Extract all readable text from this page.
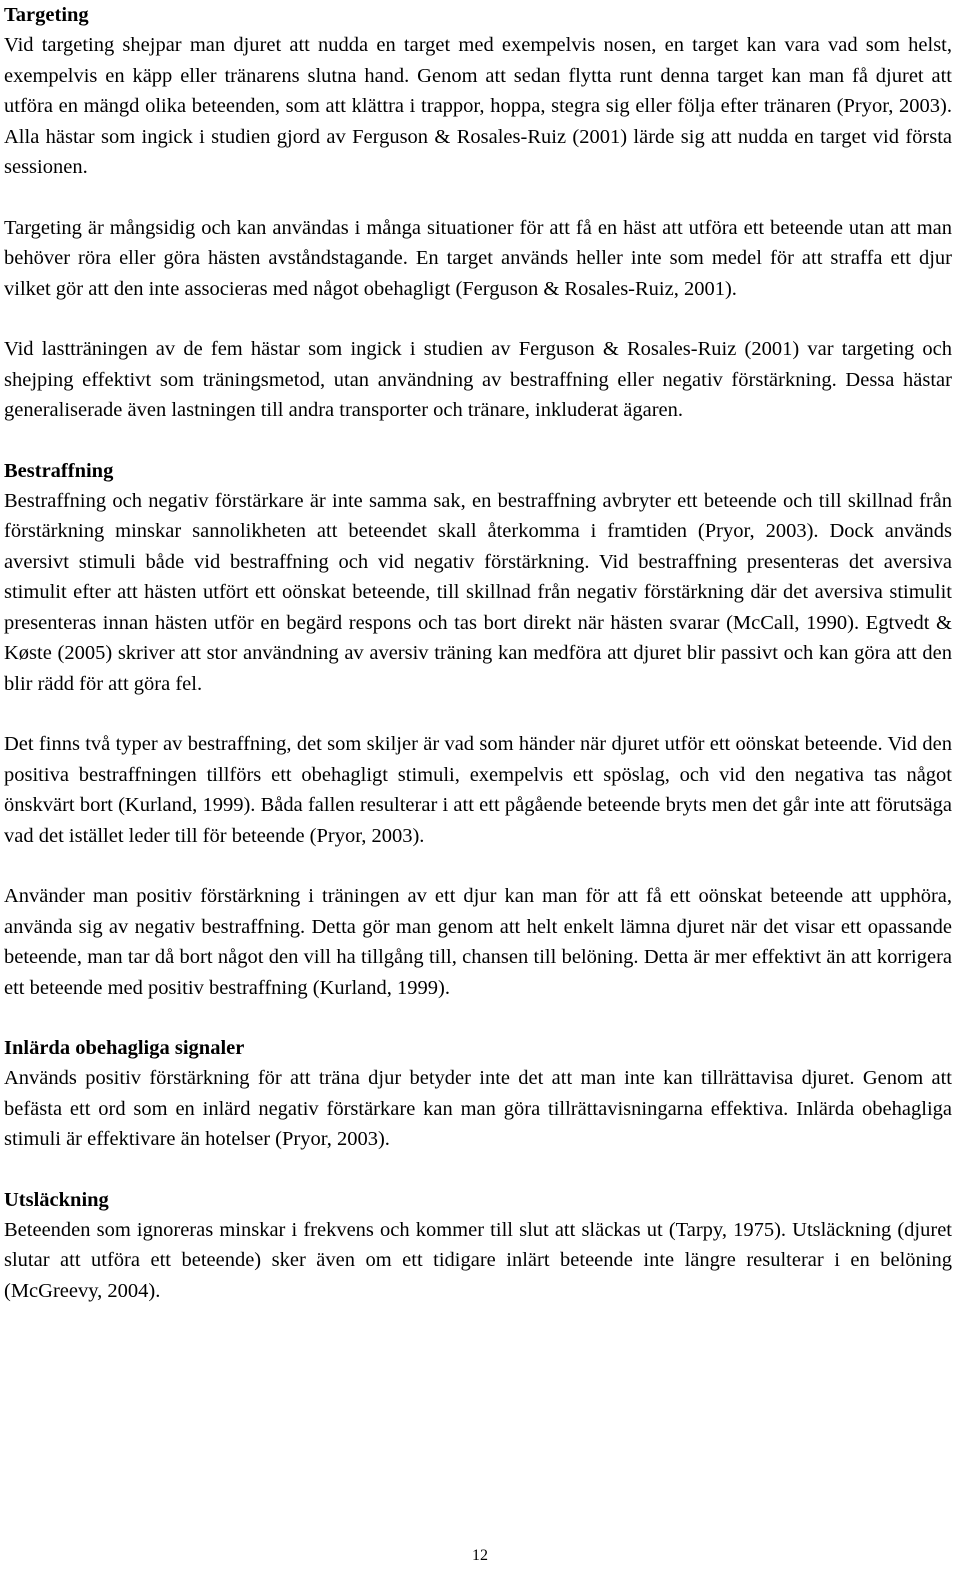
Targeting

Vid targeting shejpar man djuret att nudda en target med exempelvis nosen, en target kan vara vad som helst, exempelvis en käpp eller tränarens slutna hand. Genom att sedan flytta runt denna target kan man få djuret att utföra en mängd olika beteenden, som att klättra i trappor, hoppa, stegra sig eller följa efter tränaren (Pryor, 2003). Alla hästar som ingick i studien gjord av Ferguson & Rosales-Ruiz (2001) lärde sig att nudda en target vid första sessionen.

Targeting är mångsidig och kan användas i många situationer för att få en häst att utföra ett beteende utan att man behöver röra eller göra hästen avståndstagande. En target används heller inte som medel för att straffa ett djur vilket gör att den inte associeras med något obehagligt (Ferguson & Rosales-Ruiz, 2001).

Vid lastträningen av de fem hästar som ingick i studien av Ferguson & Rosales-Ruiz (2001) var targeting och shejping effektivt som träningsmetod, utan användning av bestraffning eller negativ förstärkning. Dessa hästar generaliserade även lastningen till andra transporter och tränare, inkluderat ägaren.

Bestraffning

Bestraffning och negativ förstärkare är inte samma sak, en bestraffning avbryter ett beteende och till skillnad från förstärkning minskar sannolikheten att beteendet skall återkomma i framtiden (Pryor, 2003). Dock används aversivt stimuli både vid bestraffning och vid negativ förstärkning. Vid bestraffning presenteras det aversiva stimulit efter att hästen utfört ett oönskat beteende, till skillnad från negativ förstärkning där det aversiva stimulit presenteras innan hästen utför en begärd respons och tas bort direkt när hästen svarar (McCall, 1990). Egtvedt & Køste (2005) skriver att stor användning av aversiv träning kan medföra att djuret blir passivt och kan göra att den blir rädd för att göra fel.

Det finns två typer av bestraffning, det som skiljer är vad som händer när djuret utför ett oönskat beteende. Vid den positiva bestraffningen tillförs ett obehagligt stimuli, exempelvis ett spöslag, och vid den negativa tas något önskvärt bort (Kurland, 1999). Båda fallen resulterar i att ett pågående beteende bryts men det går inte att förutsäga vad det istället leder till för beteende (Pryor, 2003).

Använder man positiv förstärkning i träningen av ett djur kan man för att få ett oönskat beteende att upphöra, använda sig av negativ bestraffning. Detta gör man genom att helt enkelt lämna djuret när det visar ett opassande beteende, man tar då bort något den vill ha tillgång till, chansen till belöning. Detta är mer effektivt än att korrigera ett beteende med positiv bestraffning (Kurland, 1999).

Inlärda obehagliga signaler

Används positiv förstärkning för att träna djur betyder inte det att man inte kan tillrättavisa djuret. Genom att befästa ett ord som en inlärd negativ förstärkare kan man göra tillrättavisningarna effektiva. Inlärda obehagliga stimuli är effektivare än hotelser (Pryor, 2003).

Utsläckning

Beteenden som ignoreras minskar i frekvens och kommer till slut att släckas ut (Tarpy, 1975). Utsläckning (djuret slutar att utföra ett beteende) sker även om ett tidigare inlärt beteende inte längre resulterar i en belöning (McGreevy, 2004).

12
